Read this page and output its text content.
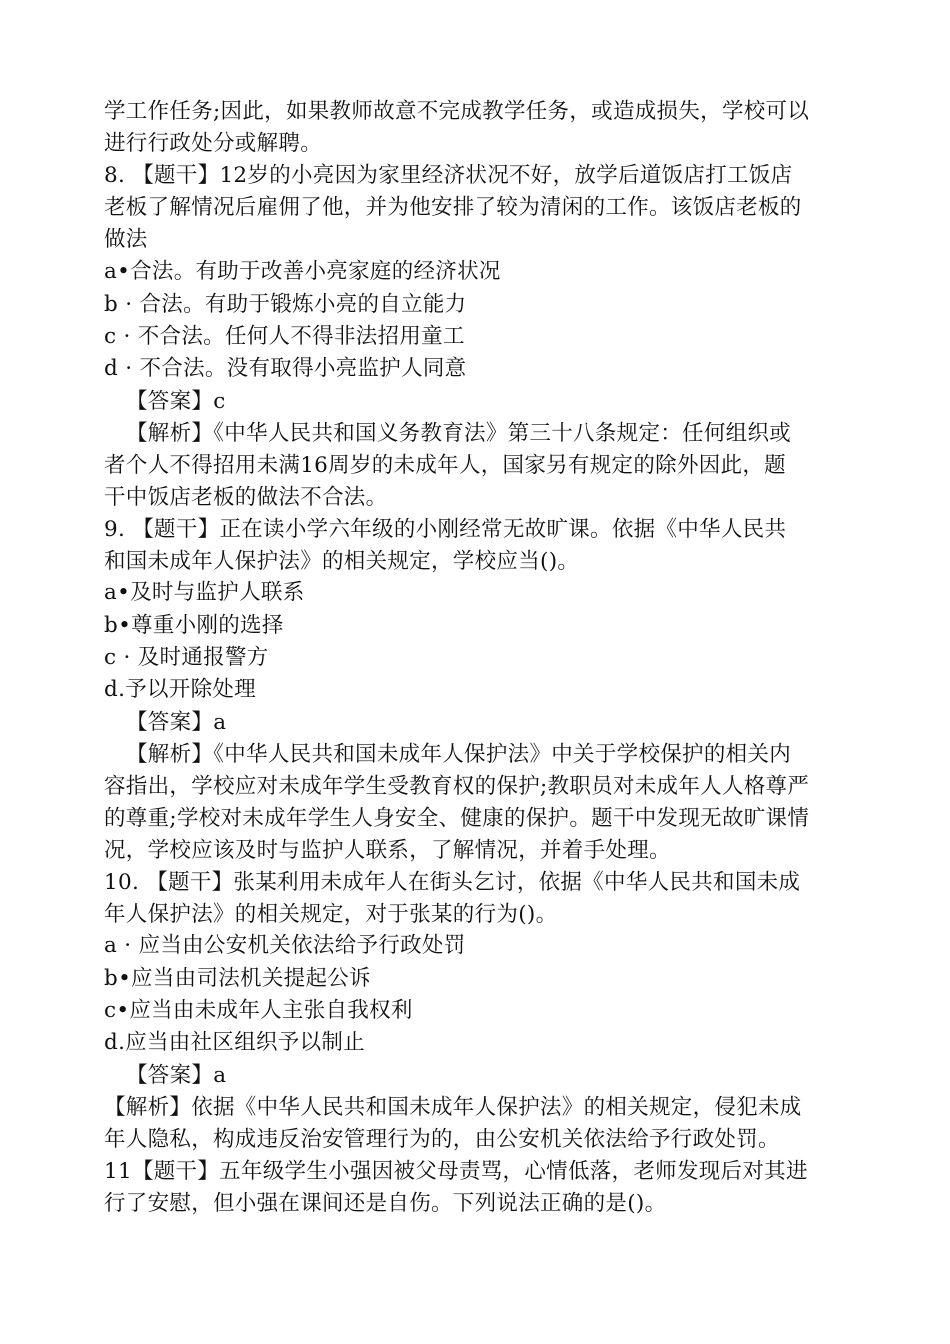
学工作任务;因此，如果教师故意不完成教学任务，或造成损失，学校可以
进行行政处分或解聘。
8. 【题干】12岁的小亮因为家里经济状况不好，放学后道饭店打工饭店
老板了解情况后雇佣了他，并为他安排了较为清闲的工作。该饭店老板的
做法
a•合法。有助于改善小亮家庭的经济状况
b · 合法。有助于锻炼小亮的自立能力
c · 不合法。任何人不得非法招用童工
d · 不合法。没有取得小亮监护人同意
【答案】c
【解析】《中华人民共和国义务教育法》第三十八条规定：任何组织或
者个人不得招用未满16周岁的未成年人，国家另有规定的除外因此，题
干中饭店老板的做法不合法。
9. 【题干】正在读小学六年级的小刚经常无故旷课。依据《中华人民共
和国未成年人保护法》的相关规定，学校应当()。
a•及时与监护人联系
b•尊重小刚的选择
c · 及时通报警方
d.予以开除处理
【答案】a
【解析】《中华人民共和国未成年人保护法》中关于学校保护的相关内
容指出，学校应对未成年学生受教育权的保护;教职员对未成年人人格尊严
的尊重;学校对未成年学生人身安全、健康的保护。题干中发现无故旷课情
况，学校应该及时与监护人联系，了解情况，并着手处理。
10. 【题干】张某利用未成年人在街头乞讨，依据《中华人民共和国未成
年人保护法》的相关规定，对于张某的行为()。
a · 应当由公安机关依法给予行政处罚
b•应当由司法机关提起公诉
c•应当由未成年人主张自我权利
d.应当由社区组织予以制止
【答案】a
【解析】依据《中华人民共和国未成年人保护法》的相关规定，侵犯未成
年人隐私，构成违反治安管理行为的，由公安机关依法给予行政处罚。
11【题干】五年级学生小强因被父母责骂，心情低落，老师发现后对其进
行了安慰，但小强在课间还是自伤。下列说法正确的是()。
